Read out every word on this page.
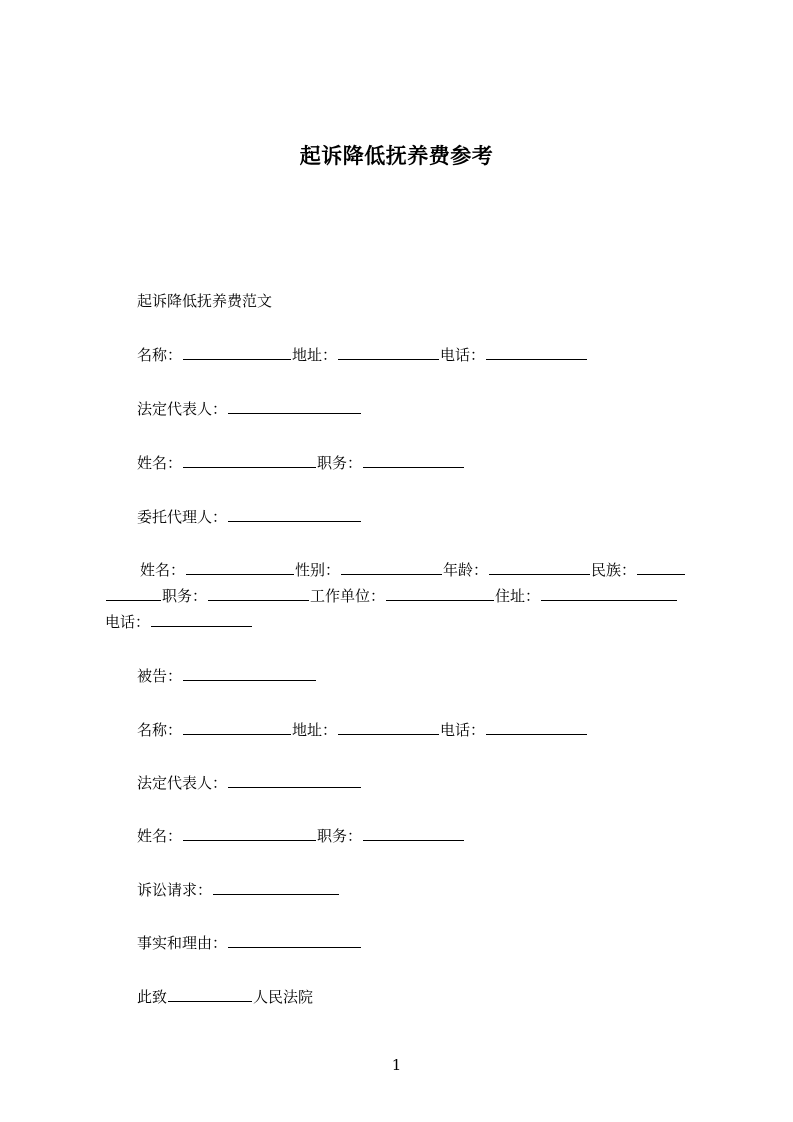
起诉降低抚养费参考
起诉降低抚养费范文
名称：	地址：	电话：
法定代表人：
姓名：	职务：
委托代理人：
姓名：	性别：	年龄：	民族：
职务：	工作单位：	住址：
电话：
被告：
名称：	地址：	电话：
法定代表人：
姓名：	职务：
诉讼请求：
事实和理由：
此致	人民法院
1
